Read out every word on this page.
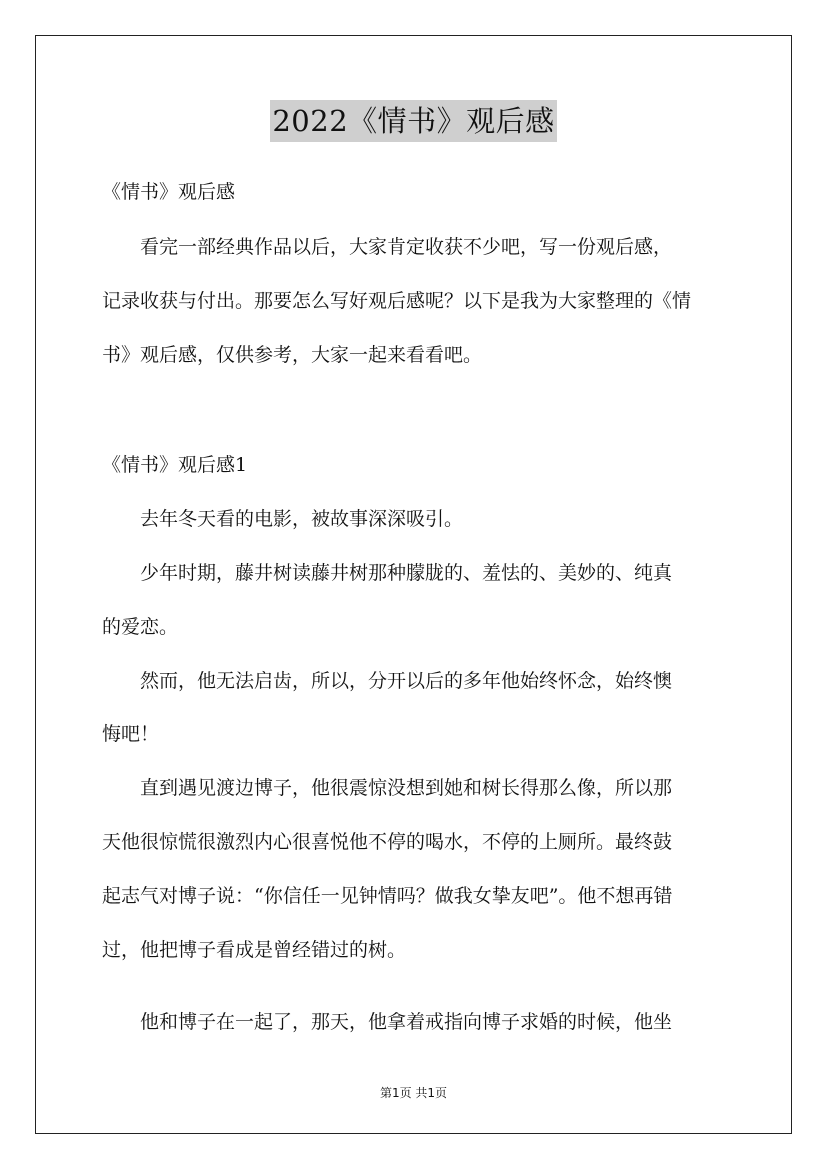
2022《情书》观后感

《情书》观后感

　　看完一部经典作品以后，大家肯定收获不少吧，写一份观后感，

记录收获与付出。那要怎么写好观后感呢？以下是我为大家整理的《情

书》观后感，仅供参考，大家一起来看看吧。

《情书》观后感1

　　去年冬天看的电影，被故事深深吸引。

　　少年时期，藤井树读藤井树那种朦胧的、羞怯的、美妙的、纯真

的爱恋。

　　然而，他无法启齿，所以，分开以后的多年他始终怀念，始终懊

悔吧！

　　直到遇见渡边博子，他很震惊没想到她和树长得那么像，所以那

天他很惊慌很激烈内心很喜悦他不停的喝水，不停的上厕所。最终鼓

起志气对博子说：“你信任一见钟情吗？做我女挚友吧”。他不想再错

过，他把博子看成是曾经错过的树。

　　他和博子在一起了，那天，他拿着戒指向博子求婚的时候，他坐

第1页 共1页
